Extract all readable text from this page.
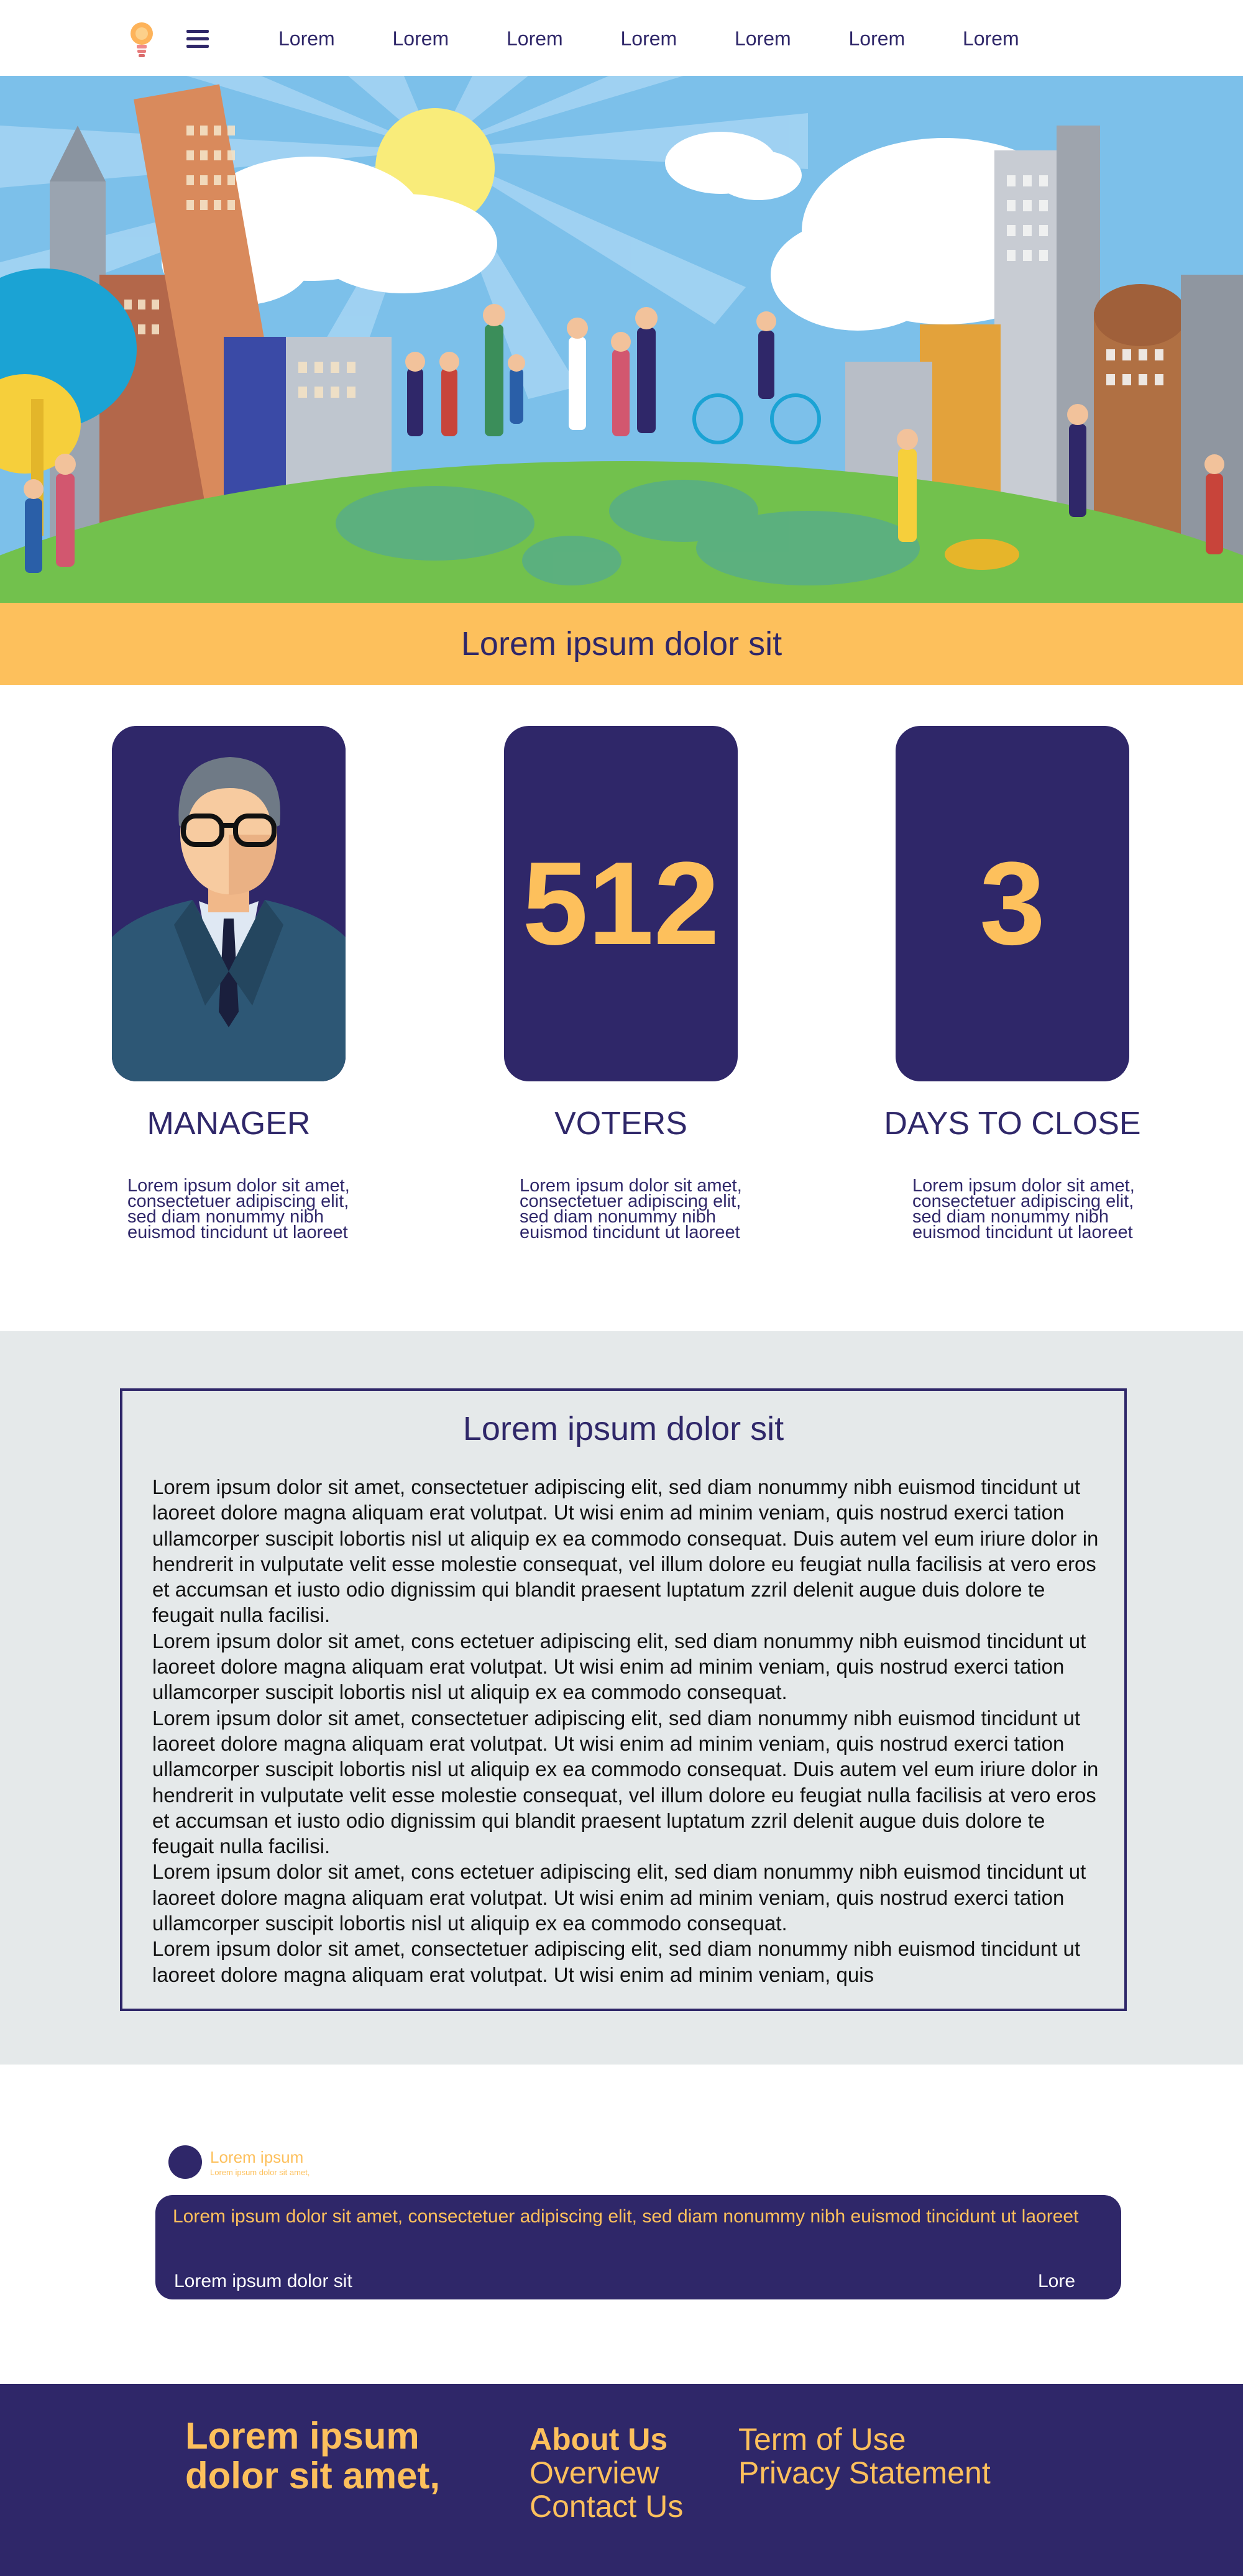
Lorem	Lorem	Lorem	Lorem	Lorem	Lorem	Lorem
Lorem ipsum dolor sit
512 3
MANAGER	VOTERS	DAYS TO CLOSE
Lorem ipsum dolor sit amet, consectetuer adipiscing elit, sed diam nonummy nibh euismod tincidunt ut laoreet
Lorem ipsum dolor sit amet, consectetuer adipiscing elit, sed diam nonummy nibh euismod tincidunt ut laoreet
Lorem ipsum dolor sit amet, consectetuer adipiscing elit, sed diam nonummy nibh euismod tincidunt ut laoreet
Lorem ipsum dolor sit

Lorem ipsum dolor sit amet, consectetuer adipiscing elit, sed diam nonummy nibh euismod tincidunt ut laoreet dolore magna aliquam erat volutpat. Ut wisi enim ad minim veniam, quis nostrud exerci tation ullamcorper suscipit lobortis nisl ut aliquip ex ea commodo consequat. Duis autem vel eum iriure dolor in hendrerit in vulputate velit esse molestie consequat, vel illum dolore eu feugiat nulla facilisis at vero eros et accumsan et iusto odio dignissim qui blandit praesent luptatum zzril delenit augue duis dolore te feugait nulla facilisi.

Lorem ipsum dolor sit amet, cons ectetuer adipiscing elit, sed diam nonummy nibh euismod tincidunt ut laoreet dolore magna aliquam erat volutpat. Ut wisi enim ad minim veniam, quis nostrud exerci tation ullamcorper suscipit lobortis nisl ut aliquip ex ea commodo consequat.

Lorem ipsum dolor sit amet, consectetuer adipiscing elit, sed diam nonummy nibh euismod tincidunt ut laoreet dolore magna aliquam erat volutpat. Ut wisi enim ad minim veniam, quis nostrud exerci tation ullamcorper suscipit lobortis nisl ut aliquip ex ea commodo consequat. Duis autem vel eum iriure dolor in hendrerit in vulputate velit esse molestie consequat, vel illum dolore eu feugiat nulla facilisis at vero eros et accumsan et iusto odio dignissim qui blandit praesent luptatum zzril delenit augue duis dolore te feugait nulla facilisi.

Lorem ipsum dolor sit amet, cons ectetuer adipiscing elit, sed diam nonummy nibh euismod tincidunt ut laoreet dolore magna aliquam erat volutpat. Ut wisi enim ad minim veniam, quis nostrud exerci tation ullamcorper suscipit lobortis nisl ut aliquip ex ea commodo consequat.

Lorem ipsum dolor sit amet, consectetuer adipiscing elit, sed diam nonummy nibh euismod tincidunt ut laoreet dolore magna aliquam erat volutpat. Ut wisi enim ad minim veniam, quis

Lorem ipsum
Lorem ipsum dolor sit amet,
Lorem ipsum dolor sit amet, consectetuer adipiscing elit, sed diam nonummy nibh euismod tincidunt ut laoreet
Lorem ipsum dolor sit	Lore
Lorem ipsum dolor sit amet,
About Us
Overview
Contact Us
Term of Use
Privacy Statement
